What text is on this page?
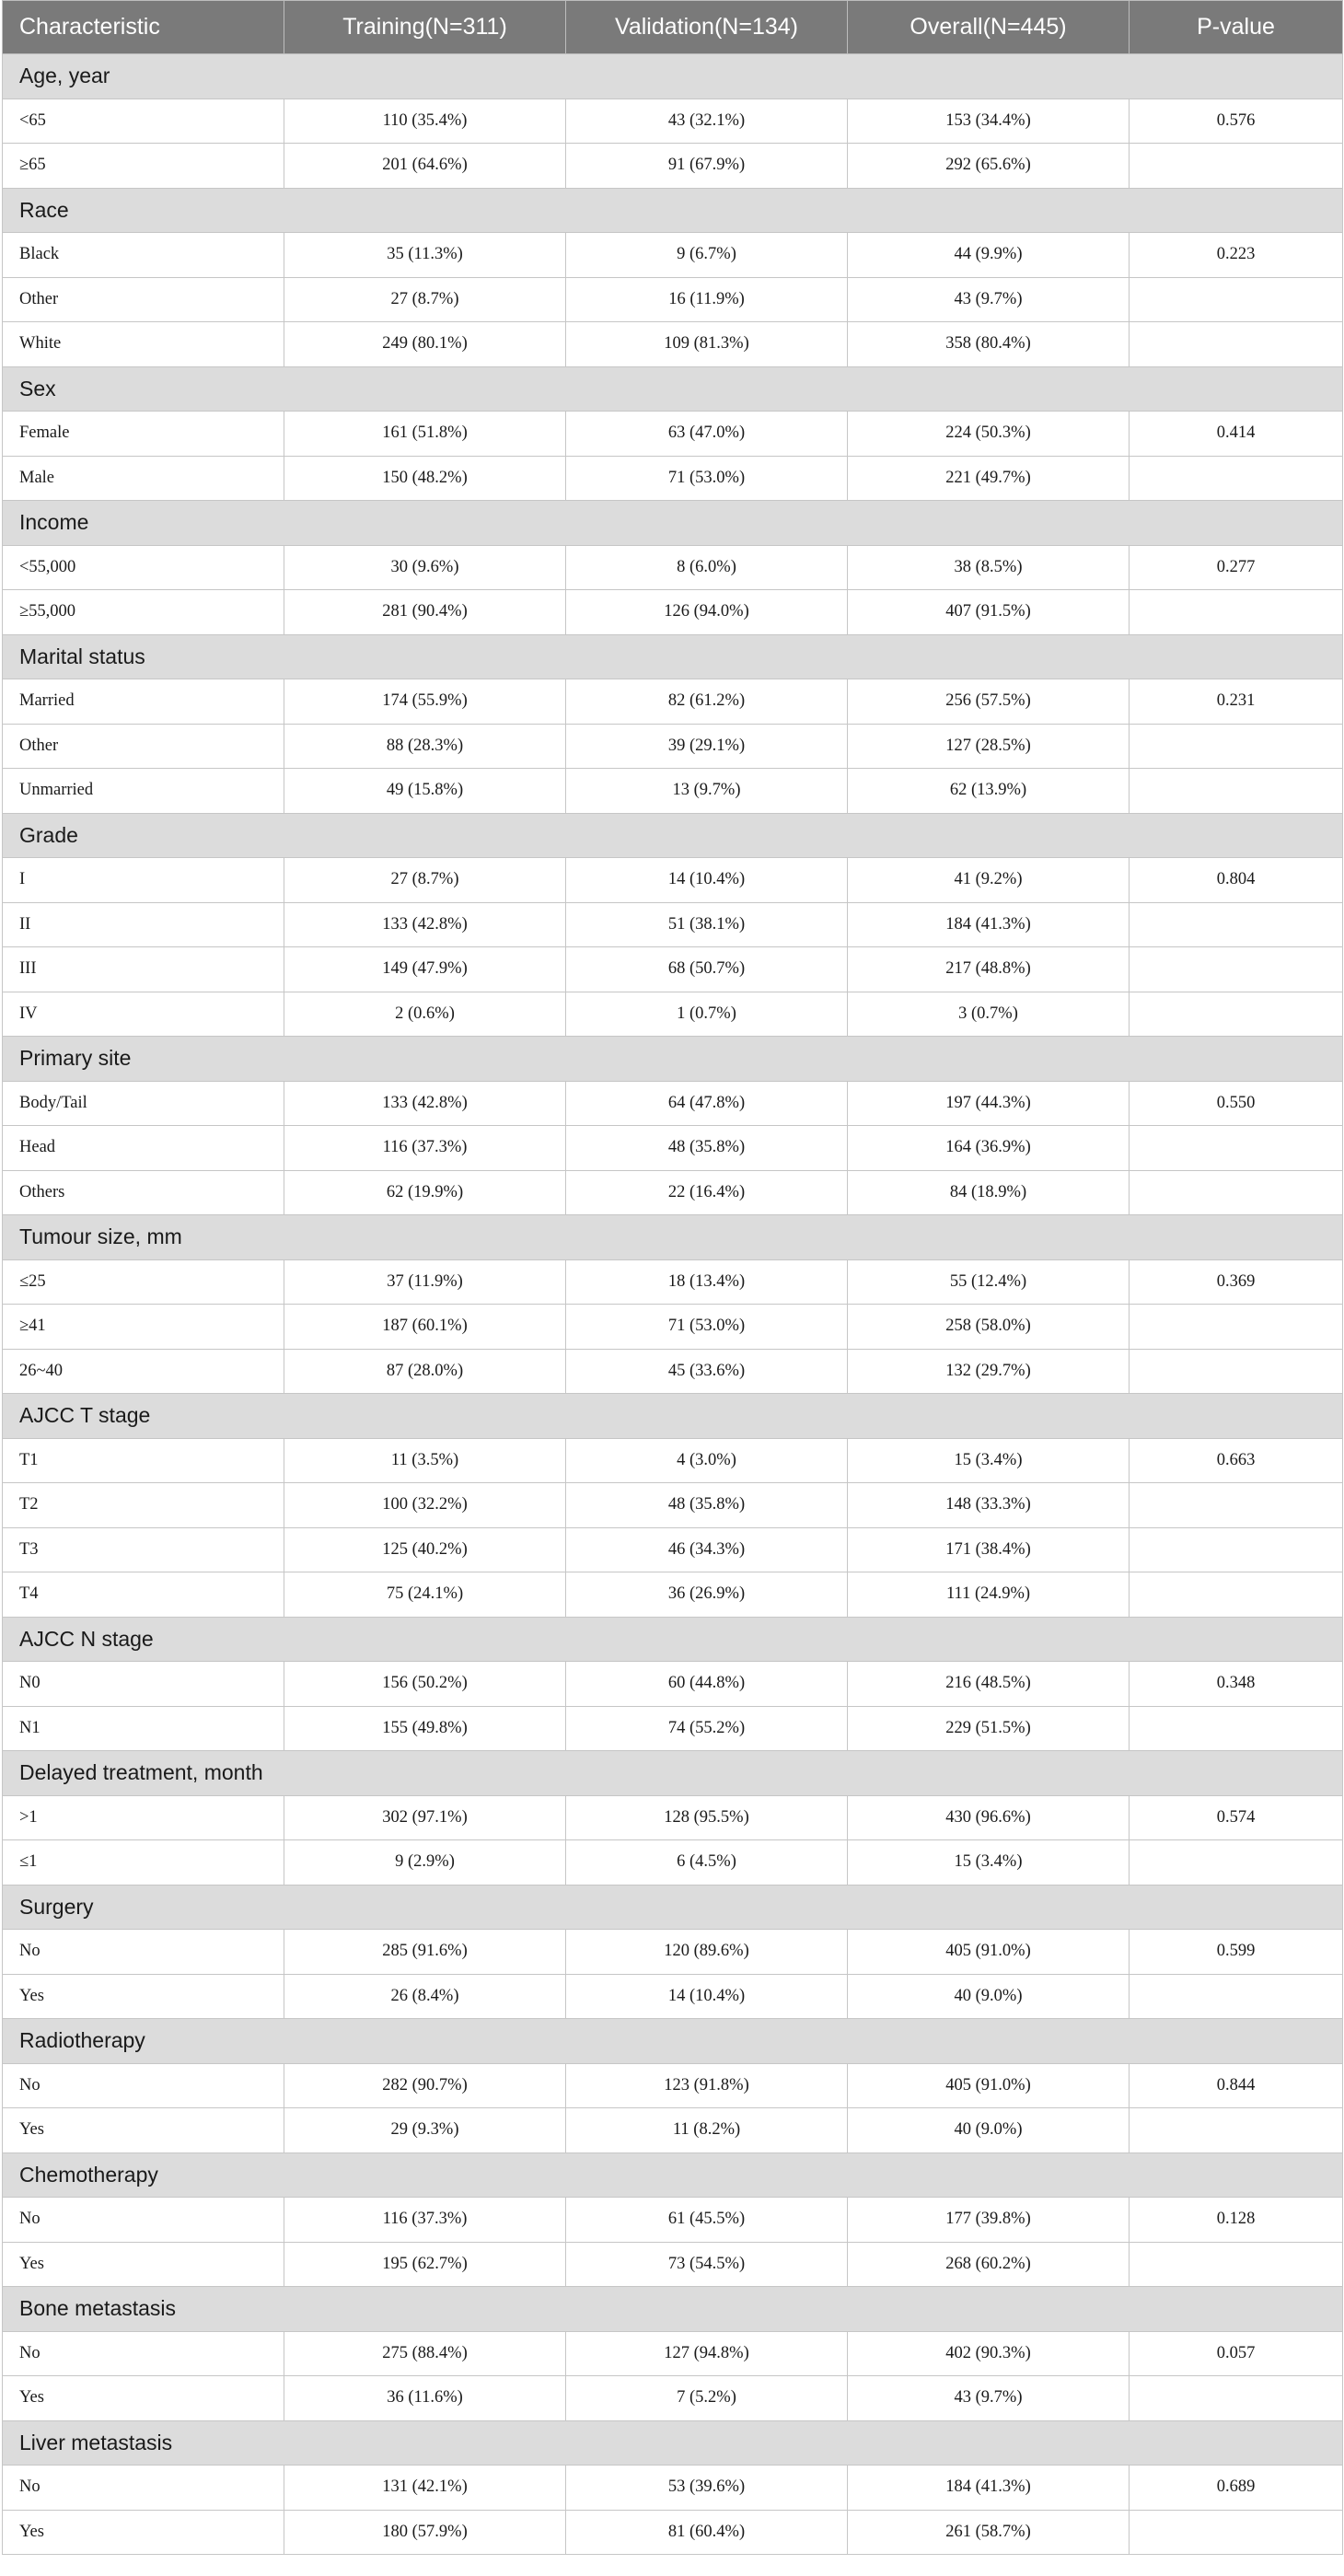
Characteristic	Training(N=311)	Validation(N=134)	Overall(N=445)	P-value
Age, year				
<65	110 (35.4%)	43 (32.1%)	153 (34.4%)	0.576
≥65	201 (64.6%)	91 (67.9%)	292 (65.6%)	
Race				
Black	35 (11.3%)	9 (6.7%)	44 (9.9%)	0.223
Other	27 (8.7%)	16 (11.9%)	43 (9.7%)	
White	249 (80.1%)	109 (81.3%)	358 (80.4%)	
Sex				
Female	161 (51.8%)	63 (47.0%)	224 (50.3%)	0.414
Male	150 (48.2%)	71 (53.0%)	221 (49.7%)	
Income				
<55,000	30 (9.6%)	8 (6.0%)	38 (8.5%)	0.277
≥55,000	281 (90.4%)	126 (94.0%)	407 (91.5%)	
Marital status				
Married	174 (55.9%)	82 (61.2%)	256 (57.5%)	0.231
Other	88 (28.3%)	39 (29.1%)	127 (28.5%)	
Unmarried	49 (15.8%)	13 (9.7%)	62 (13.9%)	
Grade				
I	27 (8.7%)	14 (10.4%)	41 (9.2%)	0.804
II	133 (42.8%)	51 (38.1%)	184 (41.3%)	
III	149 (47.9%)	68 (50.7%)	217 (48.8%)	
IV	2 (0.6%)	1 (0.7%)	3 (0.7%)	
Primary site				
Body/Tail	133 (42.8%)	64 (47.8%)	197 (44.3%)	0.550
Head	116 (37.3%)	48 (35.8%)	164 (36.9%)	
Others	62 (19.9%)	22 (16.4%)	84 (18.9%)	
Tumour size, mm				
≤25	37 (11.9%)	18 (13.4%)	55 (12.4%)	0.369
≥41	187 (60.1%)	71 (53.0%)	258 (58.0%)	
26~40	87 (28.0%)	45 (33.6%)	132 (29.7%)	
AJCC T stage				
T1	11 (3.5%)	4 (3.0%)	15 (3.4%)	0.663
T2	100 (32.2%)	48 (35.8%)	148 (33.3%)	
T3	125 (40.2%)	46 (34.3%)	171 (38.4%)	
T4	75 (24.1%)	36 (26.9%)	111 (24.9%)	
AJCC N stage				
N0	156 (50.2%)	60 (44.8%)	216 (48.5%)	0.348
N1	155 (49.8%)	74 (55.2%)	229 (51.5%)	
Delayed treatment, month				
>1	302 (97.1%)	128 (95.5%)	430 (96.6%)	0.574
≤1	9 (2.9%)	6 (4.5%)	15 (3.4%)	
Surgery				
No	285 (91.6%)	120 (89.6%)	405 (91.0%)	0.599
Yes	26 (8.4%)	14 (10.4%)	40 (9.0%)	
Radiotherapy				
No	282 (90.7%)	123 (91.8%)	405 (91.0%)	0.844
Yes	29 (9.3%)	11 (8.2%)	40 (9.0%)	
Chemotherapy				
No	116 (37.3%)	61 (45.5%)	177 (39.8%)	0.128
Yes	195 (62.7%)	73 (54.5%)	268 (60.2%)	
Bone metastasis				
No	275 (88.4%)	127 (94.8%)	402 (90.3%)	0.057
Yes	36 (11.6%)	7 (5.2%)	43 (9.7%)	
Liver metastasis				
No	131 (42.1%)	53 (39.6%)	184 (41.3%)	0.689
Yes	180 (57.9%)	81 (60.4%)	261 (58.7%)	
